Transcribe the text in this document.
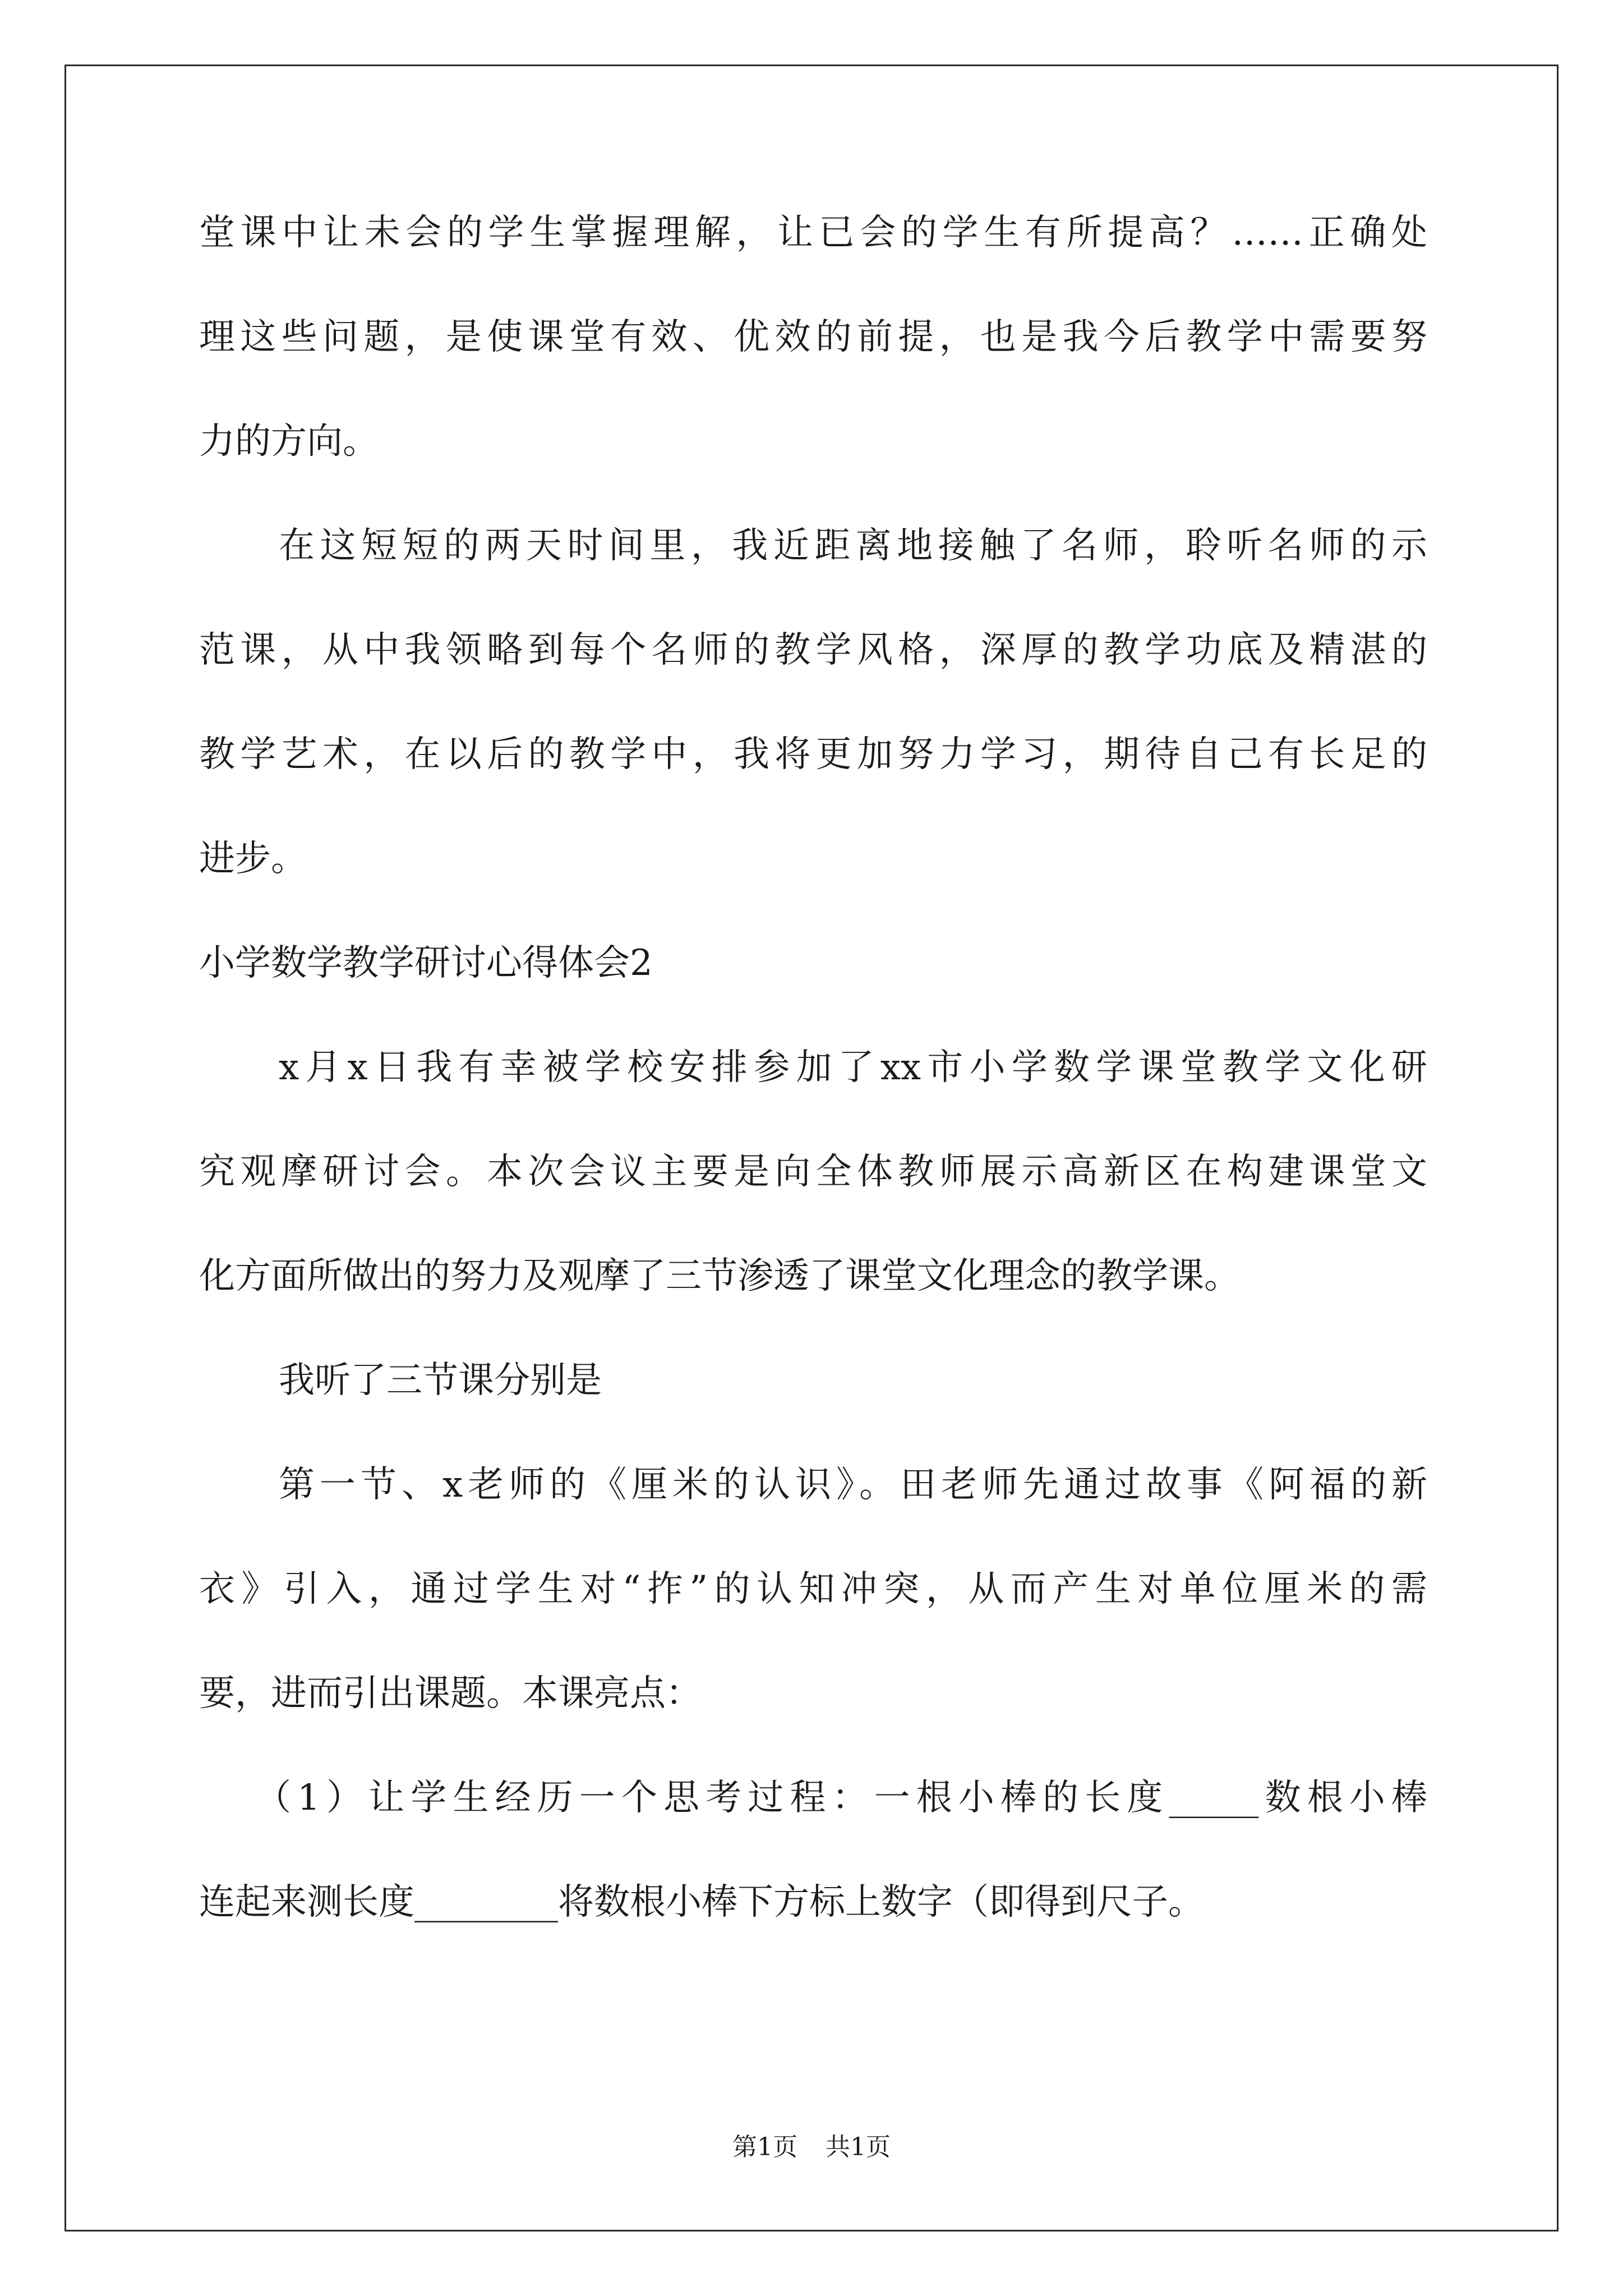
堂课中让未会的学生掌握理解，让已会的学生有所提高？……正确处

理这些问题，是使课堂有效、优效的前提，也是我今后教学中需要努

力的方向。

在这短短的两天时间里，我近距离地接触了名师，聆听名师的示

范课，从中我领略到每个名师的教学风格，深厚的教学功底及精湛的

教学艺术，在以后的教学中，我将更加努力学习，期待自己有长足的

进步。

小学数学教学研讨心得体会2

x月x日我有幸被学校安排参加了xx市小学数学课堂教学文化研

究观摩研讨会。本次会议主要是向全体教师展示高新区在构建课堂文

化方面所做出的努力及观摩了三节渗透了课堂文化理念的教学课。

我听了三节课分别是

第一节、x老师的《厘米的认识》。田老师先通过故事《阿福的新

衣》引入，通过学生对“拃”的认知冲突，从而产生对单位厘米的需

要，进而引出课题。本课亮点：

（1）让学生经历一个思考过程：一根小棒的长度_____数根小棒

连起来测长度________将数根小棒下方标上数字（即得到尺子。

第1页 共1页
